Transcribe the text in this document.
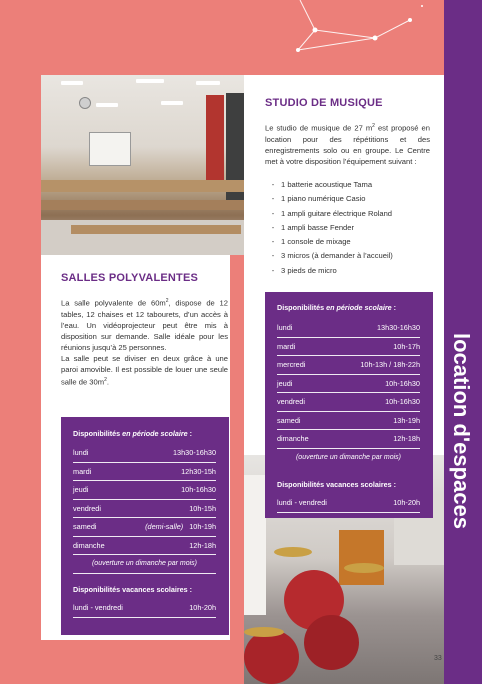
location d'espaces
SALLES POLYVALENTES

La salle polyvalente de $60m^2$, dispose de 12 tables, 12 chaises et 12 tabourets, d’un accès à l’eau. Un vidéoprojecteur peut être mis à disposition sur demande. Salle idéale pour les réunions jusqu’à 25 personnes.

La salle peut se diviser en deux grâce à une paroi amovible. Il est possible de louer une seule salle de $30m^2$.

Disponibilités en période scolaire :
lundi	13h30-16h30
mardi	12h30-15h
jeudi	10h-16h30
vendredi	10h-15h
samedi	(demi-salle) 10h-19h
dimanche	12h-18h
(ouverture un dimanche par mois)
Disponibilités vacances scolaires :
lundi - vendredi	10h-20h
STUDIO DE MUSIQUE

Le studio de musique de 27 $m^2$ est proposé en location pour des répétitions et des enregistrements solo ou en groupe. Le Centre met à votre disposition l’équipement suivant :

- 1 batterie acoustique Tama
- 1 piano numérique Casio
- 1 ampli guitare électrique Roland
- 1 ampli basse Fender
- 1 console de mixage
- 3 micros (à demander à l’accueil)
- 3 pieds de micro
Disponibilités en période scolaire :
lundi	13h30-16h30
mardi	10h-17h
mercredi	10h-13h / 18h-22h
jeudi	10h-16h30
vendredi	10h-16h30
samedi	13h-19h
dimanche	12h-18h
(ouverture un dimanche par mois)
Disponibilités vacances scolaires :
lundi - vendredi	10h-20h
33
